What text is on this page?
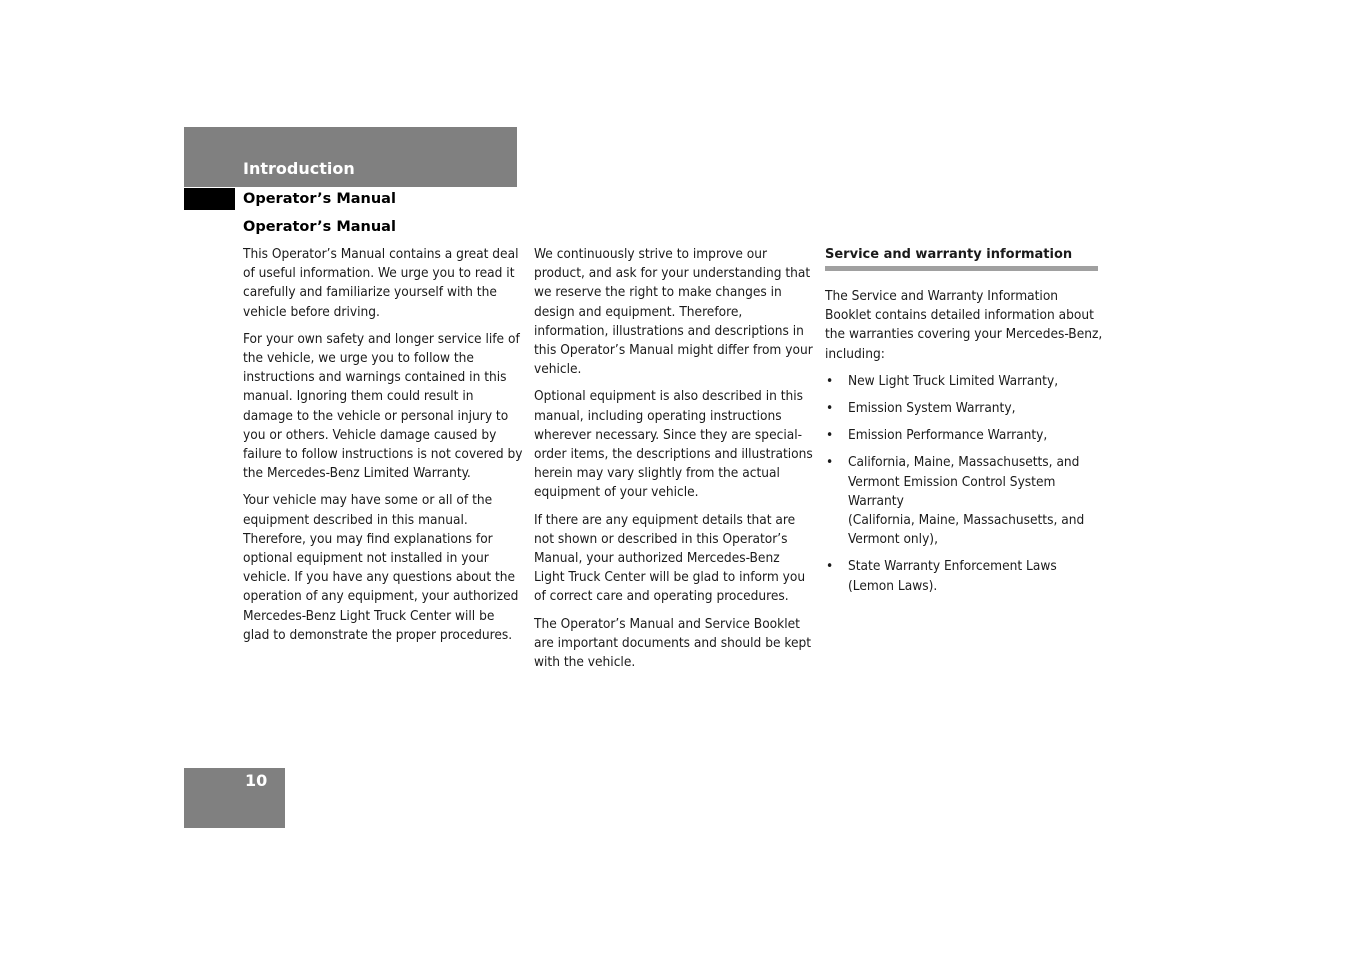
Introduction
Operator’s Manual
Operator’s Manual

This Operator’s Manual contains a great deal of useful information. We urge you to read it carefully and familiarize yourself with the vehicle before driving.

For your own safety and longer service life of the vehicle, we urge you to follow the instructions and warnings contained in this manual. Ignoring them could result in damage to the vehicle or personal injury to you or others. Vehicle damage caused by failure to follow instructions is not covered by the Mercedes-Benz Limited Warranty.

Your vehicle may have some or all of the equipment described in this manual. Therefore, you may find explanations for optional equipment not installed in your vehicle. If you have any questions about the operation of any equipment, your authorized Mercedes-Benz Light Truck Center will be glad to demonstrate the proper procedures.

We continuously strive to improve our product, and ask for your understanding that we reserve the right to make changes in design and equipment. Therefore, information, illustrations and descriptions in this Operator’s Manual might differ from your vehicle.

Optional equipment is also described in this manual, including operating instructions wherever necessary. Since they are special-order items, the descriptions and illustrations herein may vary slightly from the actual equipment of your vehicle.

If there are any equipment details that are not shown or described in this Operator’s Manual, your authorized Mercedes-Benz Light Truck Center will be glad to inform you of correct care and operating procedures.

The Operator’s Manual and Service Booklet are important documents and should be kept with the vehicle.

Service and warranty information

The Service and Warranty Information Booklet contains detailed information about the warranties covering your Mercedes-Benz, including:

• New Light Truck Limited Warranty,
• Emission System Warranty,
• Emission Performance Warranty,
• California, Maine, Massachusetts, and Vermont Emission Control System Warranty
(California, Maine, Massachusetts, and Vermont only),
• State Warranty Enforcement Laws (Lemon Laws).
10
